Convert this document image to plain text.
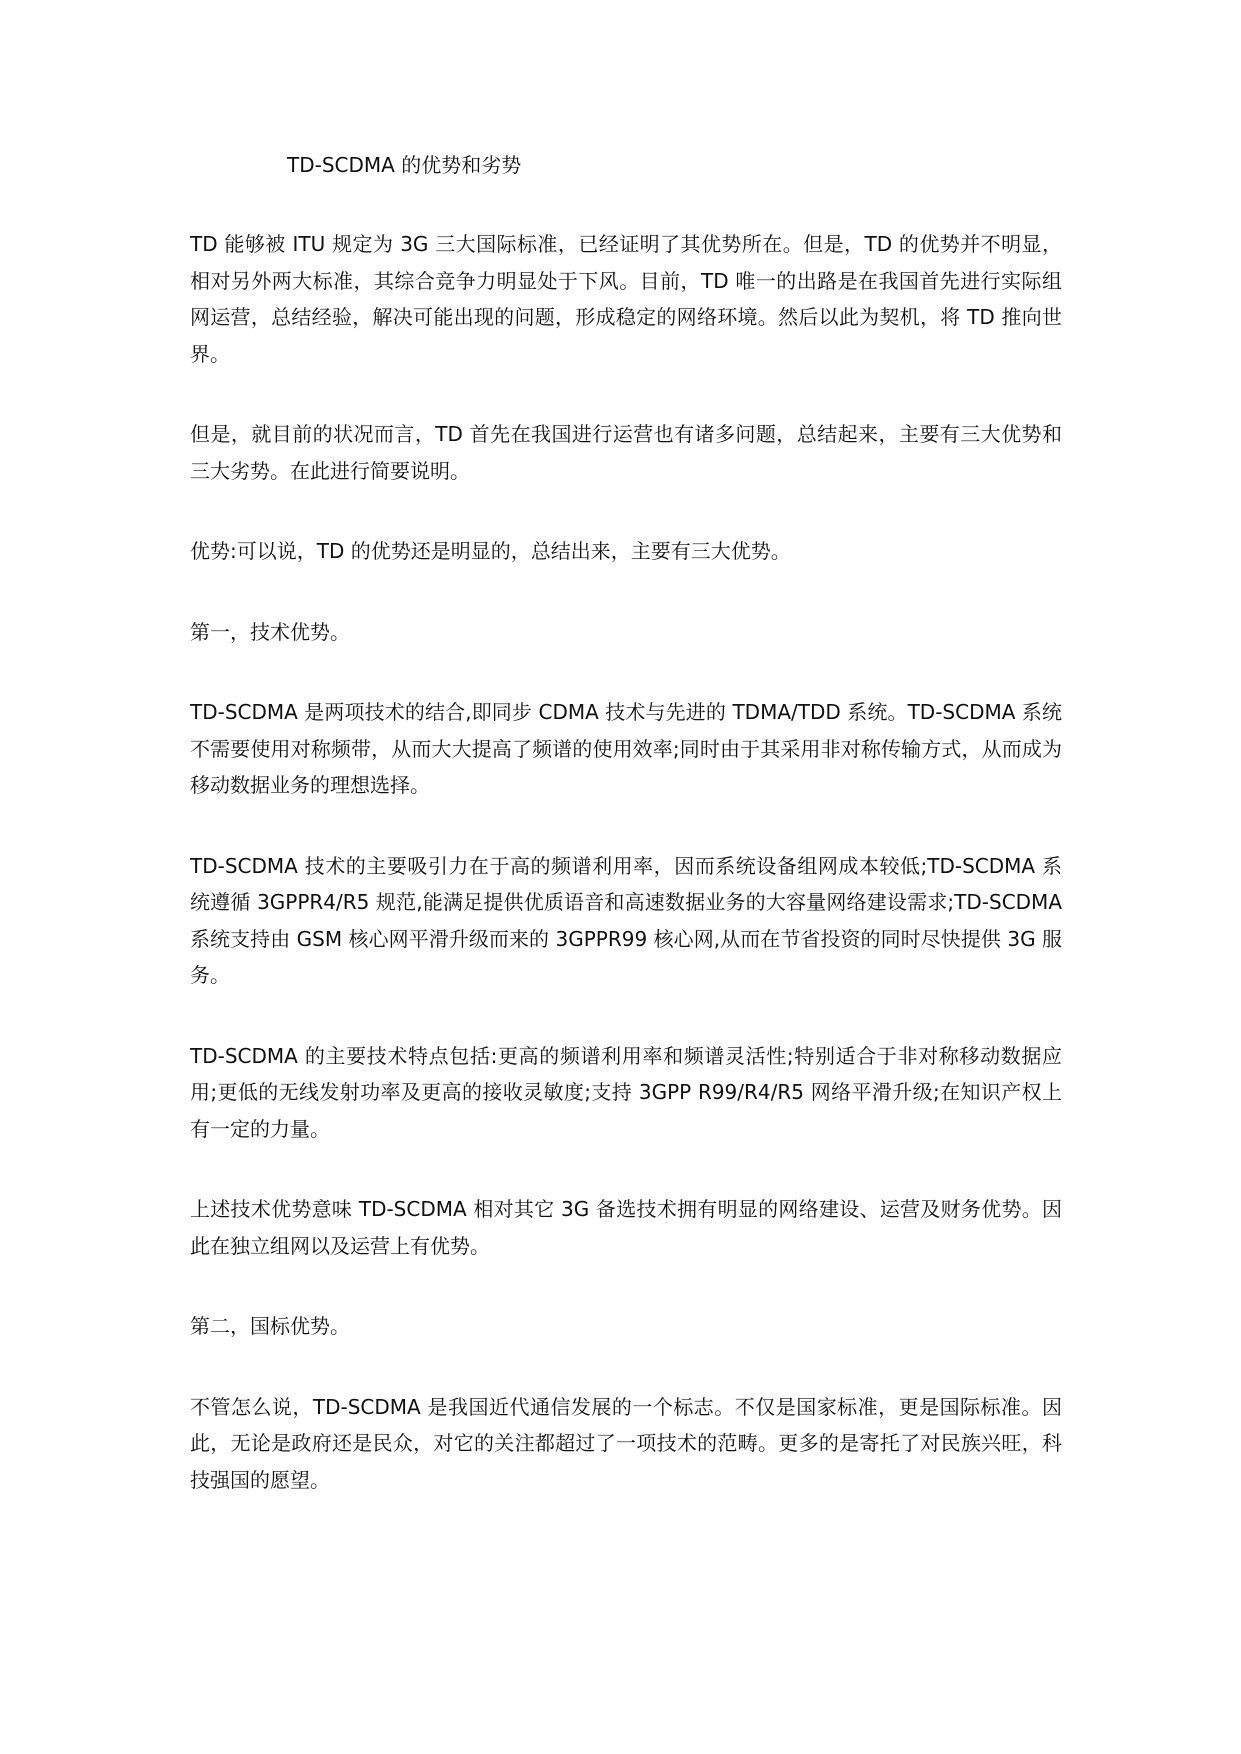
TD-SCDMA 的优势和劣势

TD 能够被 ITU 规定为 3G 三大国际标准，已经证明了其优势所在。但是，TD 的优势并不明显，相对另外两大标准，其综合竞争力明显处于下风。目前，TD 唯一的出路是在我国首先进行实际组网运营，总结经验，解决可能出现的问题，形成稳定的网络环境。然后以此为契机，将 TD 推向世界。

但是，就目前的状况而言，TD 首先在我国进行运营也有诸多问题，总结起来，主要有三大优势和三大劣势。在此进行简要说明。

优势:可以说，TD 的优势还是明显的，总结出来，主要有三大优势。

第一，技术优势。

TD-SCDMA 是两项技术的结合,即同步 CDMA 技术与先进的 TDMA/TDD 系统。TD-SCDMA 系统不需要使用对称频带，从而大大提高了频谱的使用效率;同时由于其采用非对称传输方式，从而成为移动数据业务的理想选择。

TD-SCDMA 技术的主要吸引力在于高的频谱利用率，因而系统设备组网成本较低;TD-SCDMA 系统遵循 3GPPR4/R5 规范,能满足提供优质语音和高速数据业务的大容量网络建设需求;TD-SCDMA 系统支持由 GSM 核心网平滑升级而来的 3GPPR99 核心网,从而在节省投资的同时尽快提供 3G 服务。

TD-SCDMA 的主要技术特点包括:更高的频谱利用率和频谱灵活性;特别适合于非对称移动数据应用;更低的无线发射功率及更高的接收灵敏度;支持 3GPP R99/R4/R5 网络平滑升级;在知识产权上有一定的力量。

上述技术优势意味 TD-SCDMA 相对其它 3G 备选技术拥有明显的网络建设、运营及财务优势。因此在独立组网以及运营上有优势。

第二，国标优势。

不管怎么说，TD-SCDMA 是我国近代通信发展的一个标志。不仅是国家标准，更是国际标准。因此，无论是政府还是民众，对它的关注都超过了一项技术的范畴。更多的是寄托了对民族兴旺，科技强国的愿望。
